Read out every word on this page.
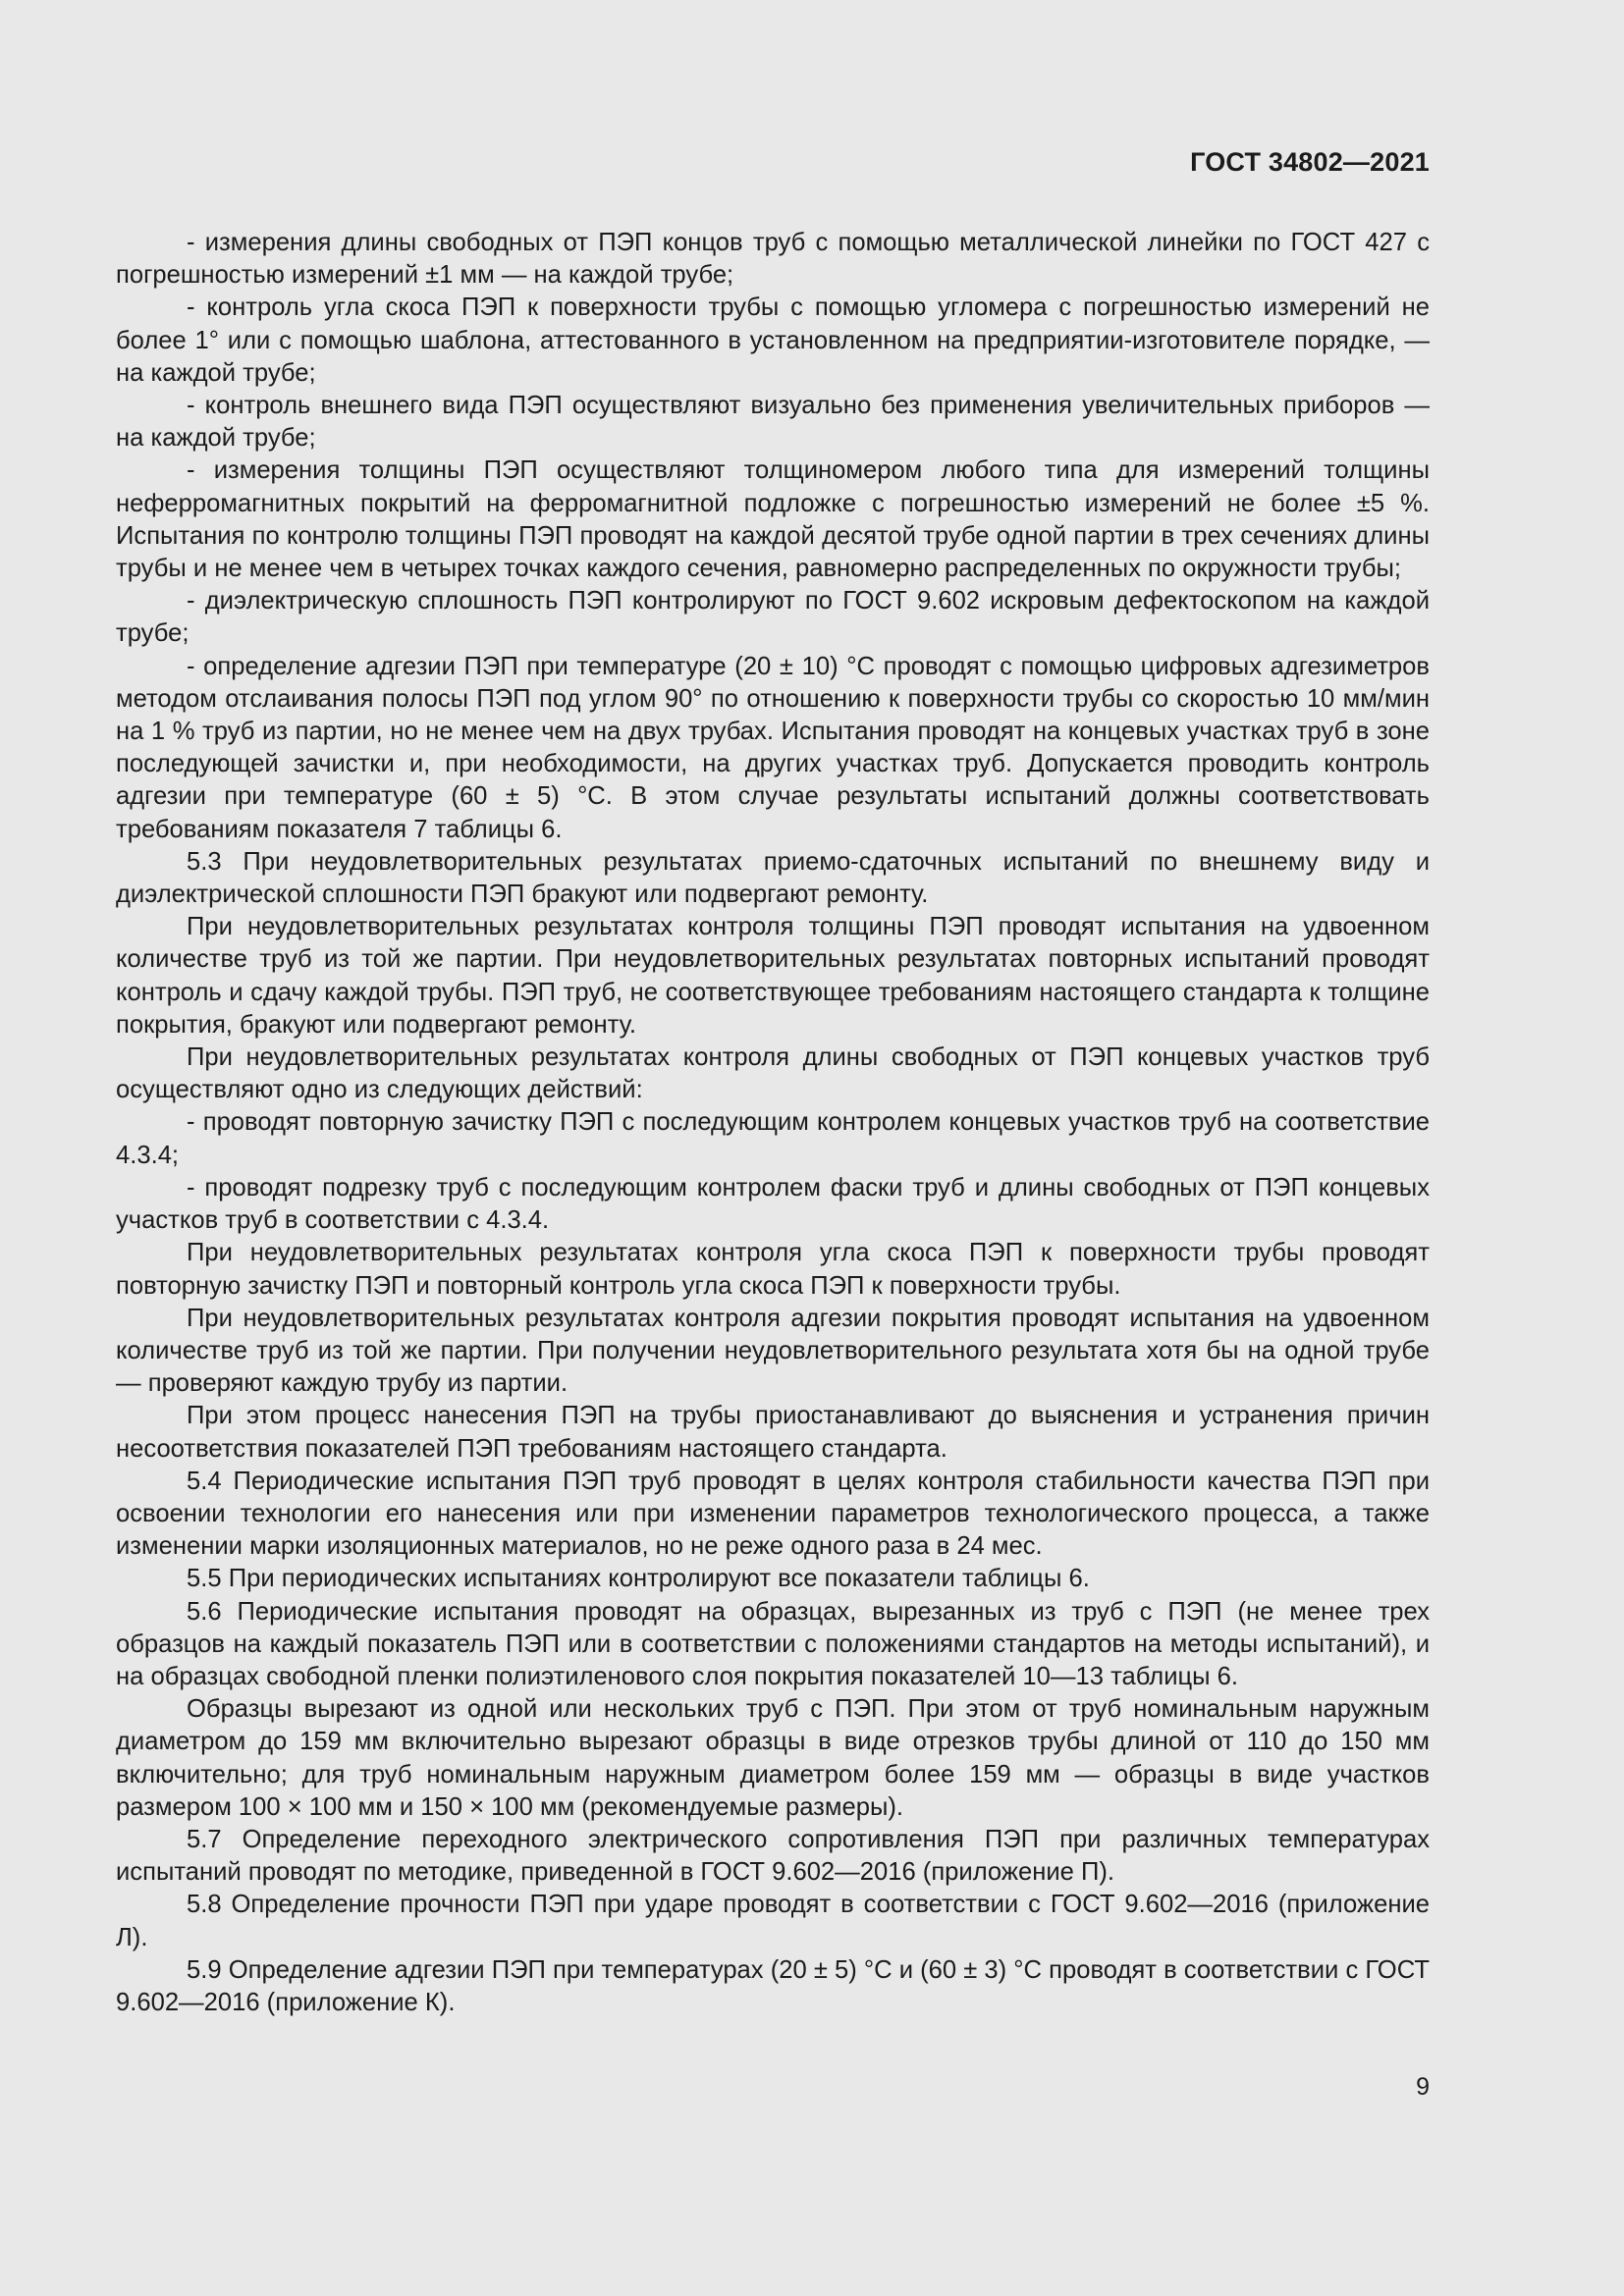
ГОСТ 34802—2021

- измерения длины свободных от ПЭП концов труб с помощью металлической линейки по ГОСТ 427 с погрешностью измерений ±1 мм — на каждой трубе;

- контроль угла скоса ПЭП к поверхности трубы с помощью угломера с погрешностью измерений не более 1° или с помощью шаблона, аттестованного в установленном на предприятии-изготовителе порядке, — на каждой трубе;

- контроль внешнего вида ПЭП осуществляют визуально без применения увеличительных приборов — на каждой трубе;

- измерения толщины ПЭП осуществляют толщиномером любого типа для измерений толщины неферромагнитных покрытий на ферромагнитной подложке с погрешностью измерений не более ±5 %. Испытания по контролю толщины ПЭП проводят на каждой десятой трубе одной партии в трех сечениях длины трубы и не менее чем в четырех точках каждого сечения, равномерно распределенных по окружности трубы;

- диэлектрическую сплошность ПЭП контролируют по ГОСТ 9.602 искровым дефектоскопом на каждой трубе;

- определение адгезии ПЭП при температуре (20 ± 10) °С проводят с помощью цифровых адгезиметров методом отслаивания полосы ПЭП под углом 90° по отношению к поверхности трубы со скоростью 10 мм/мин на 1 % труб из партии, но не менее чем на двух трубах. Испытания проводят на концевых участках труб в зоне последующей зачистки и, при необходимости, на других участках труб. Допускается проводить контроль адгезии при температуре (60 ± 5) °С. В этом случае результаты испытаний должны соответствовать требованиям показателя 7 таблицы 6.

5.3 При неудовлетворительных результатах приемо-сдаточных испытаний по внешнему виду и диэлектрической сплошности ПЭП бракуют или подвергают ремонту.

При неудовлетворительных результатах контроля толщины ПЭП проводят испытания на удвоенном количестве труб из той же партии. При неудовлетворительных результатах повторных испытаний проводят контроль и сдачу каждой трубы. ПЭП труб, не соответствующее требованиям настоящего стандарта к толщине покрытия, бракуют или подвергают ремонту.

При неудовлетворительных результатах контроля длины свободных от ПЭП концевых участков труб осуществляют одно из следующих действий:

- проводят повторную зачистку ПЭП с последующим контролем концевых участков труб на соответствие 4.3.4;

- проводят подрезку труб с последующим контролем фаски труб и длины свободных от ПЭП концевых участков труб в соответствии с 4.3.4.

При неудовлетворительных результатах контроля угла скоса ПЭП к поверхности трубы проводят повторную зачистку ПЭП и повторный контроль угла скоса ПЭП к поверхности трубы.

При неудовлетворительных результатах контроля адгезии покрытия проводят испытания на удвоенном количестве труб из той же партии. При получении неудовлетворительного результата хотя бы на одной трубе — проверяют каждую трубу из партии.

При этом процесс нанесения ПЭП на трубы приостанавливают до выяснения и устранения причин несоответствия показателей ПЭП требованиям настоящего стандарта.

5.4 Периодические испытания ПЭП труб проводят в целях контроля стабильности качества ПЭП при освоении технологии его нанесения или при изменении параметров технологического процесса, а также изменении марки изоляционных материалов, но не реже одного раза в 24 мес.

5.5 При периодических испытаниях контролируют все показатели таблицы 6.

5.6 Периодические испытания проводят на образцах, вырезанных из труб с ПЭП (не менее трех образцов на каждый показатель ПЭП или в соответствии с положениями стандартов на методы испытаний), и на образцах свободной пленки полиэтиленового слоя покрытия показателей 10—13 таблицы 6.

Образцы вырезают из одной или нескольких труб с ПЭП. При этом от труб номинальным наружным диаметром до 159 мм включительно вырезают образцы в виде отрезков трубы длиной от 110 до 150 мм включительно; для труб номинальным наружным диаметром более 159 мм — образцы в виде участков размером 100 × 100 мм и 150 × 100 мм (рекомендуемые размеры).

5.7 Определение переходного электрического сопротивления ПЭП при различных температурах испытаний проводят по методике, приведенной в ГОСТ 9.602—2016 (приложение П).

5.8 Определение прочности ПЭП при ударе проводят в соответствии с ГОСТ 9.602—2016 (приложение Л).

5.9 Определение адгезии ПЭП при температурах (20 ± 5) °С и (60 ± 3) °С проводят в соответствии с ГОСТ 9.602—2016 (приложение К).

9
